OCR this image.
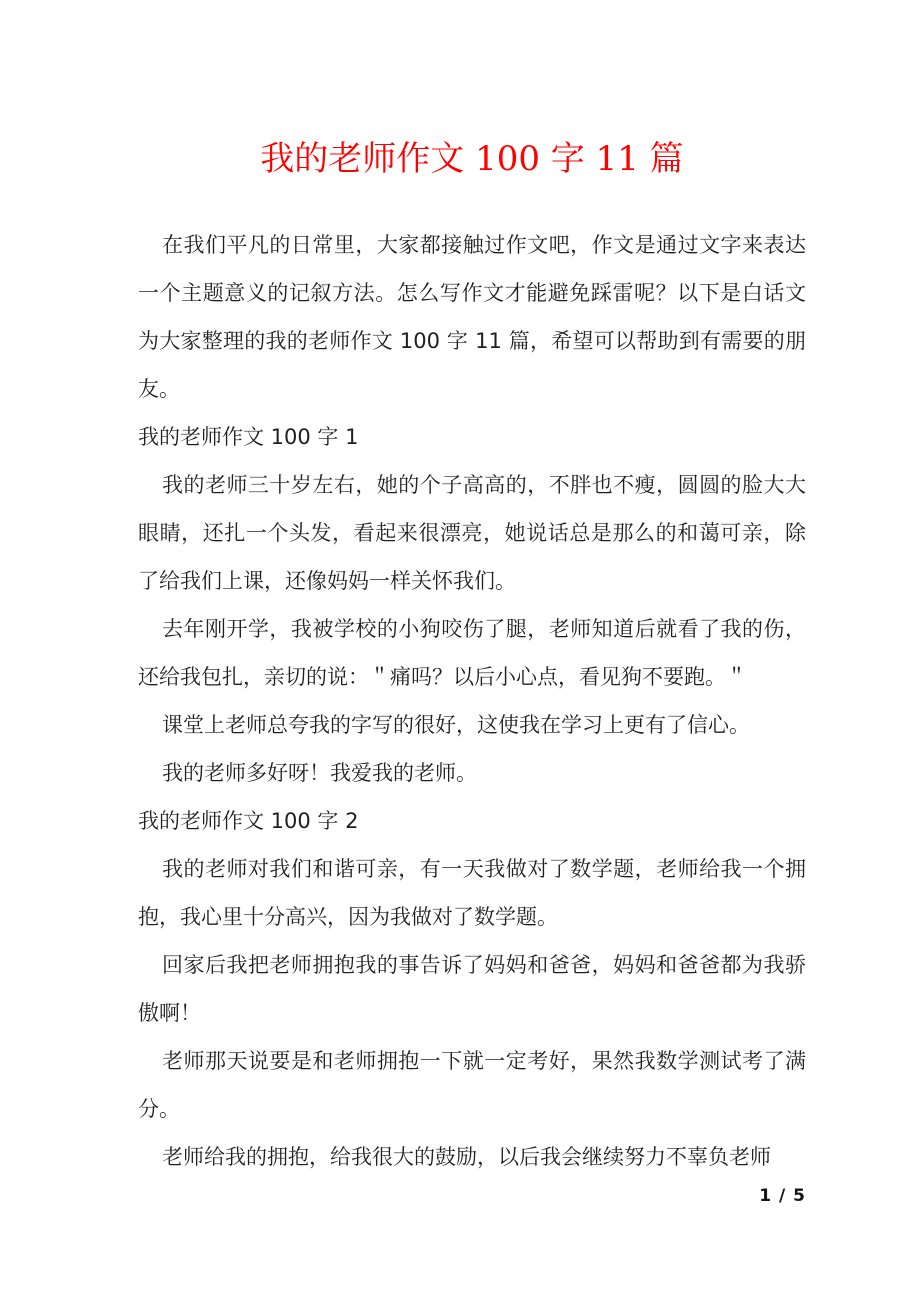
我的老师作文 100 字 11 篇

在我们平凡的日常里，大家都接触过作文吧，作文是通过文字来表达一个主题意义的记叙方法。怎么写作文才能避免踩雷呢？以下是白话文为大家整理的我的老师作文 100 字 11 篇，希望可以帮助到有需要的朋友。

我的老师作文 100 字 1

我的老师三十岁左右，她的个子高高的，不胖也不瘦，圆圆的脸大大眼睛，还扎一个头发，看起来很漂亮，她说话总是那么的和蔼可亲，除了给我们上课，还像妈妈一样关怀我们。

去年刚开学，我被学校的小狗咬伤了腿，老师知道后就看了我的伤，还给我包扎，亲切的说：＂痛吗？以后小心点，看见狗不要跑。＂

课堂上老师总夸我的字写的很好，这使我在学习上更有了信心。

我的老师多好呀！我爱我的老师。

我的老师作文 100 字 2

我的老师对我们和谐可亲，有一天我做对了数学题，老师给我一个拥抱，我心里十分高兴，因为我做对了数学题。

回家后我把老师拥抱我的事告诉了妈妈和爸爸，妈妈和爸爸都为我骄傲啊！

老师那天说要是和老师拥抱一下就一定考好，果然我数学测试考了满分。

老师给我的拥抱，给我很大的鼓励，以后我会继续努力不辜负老师

1 / 5
